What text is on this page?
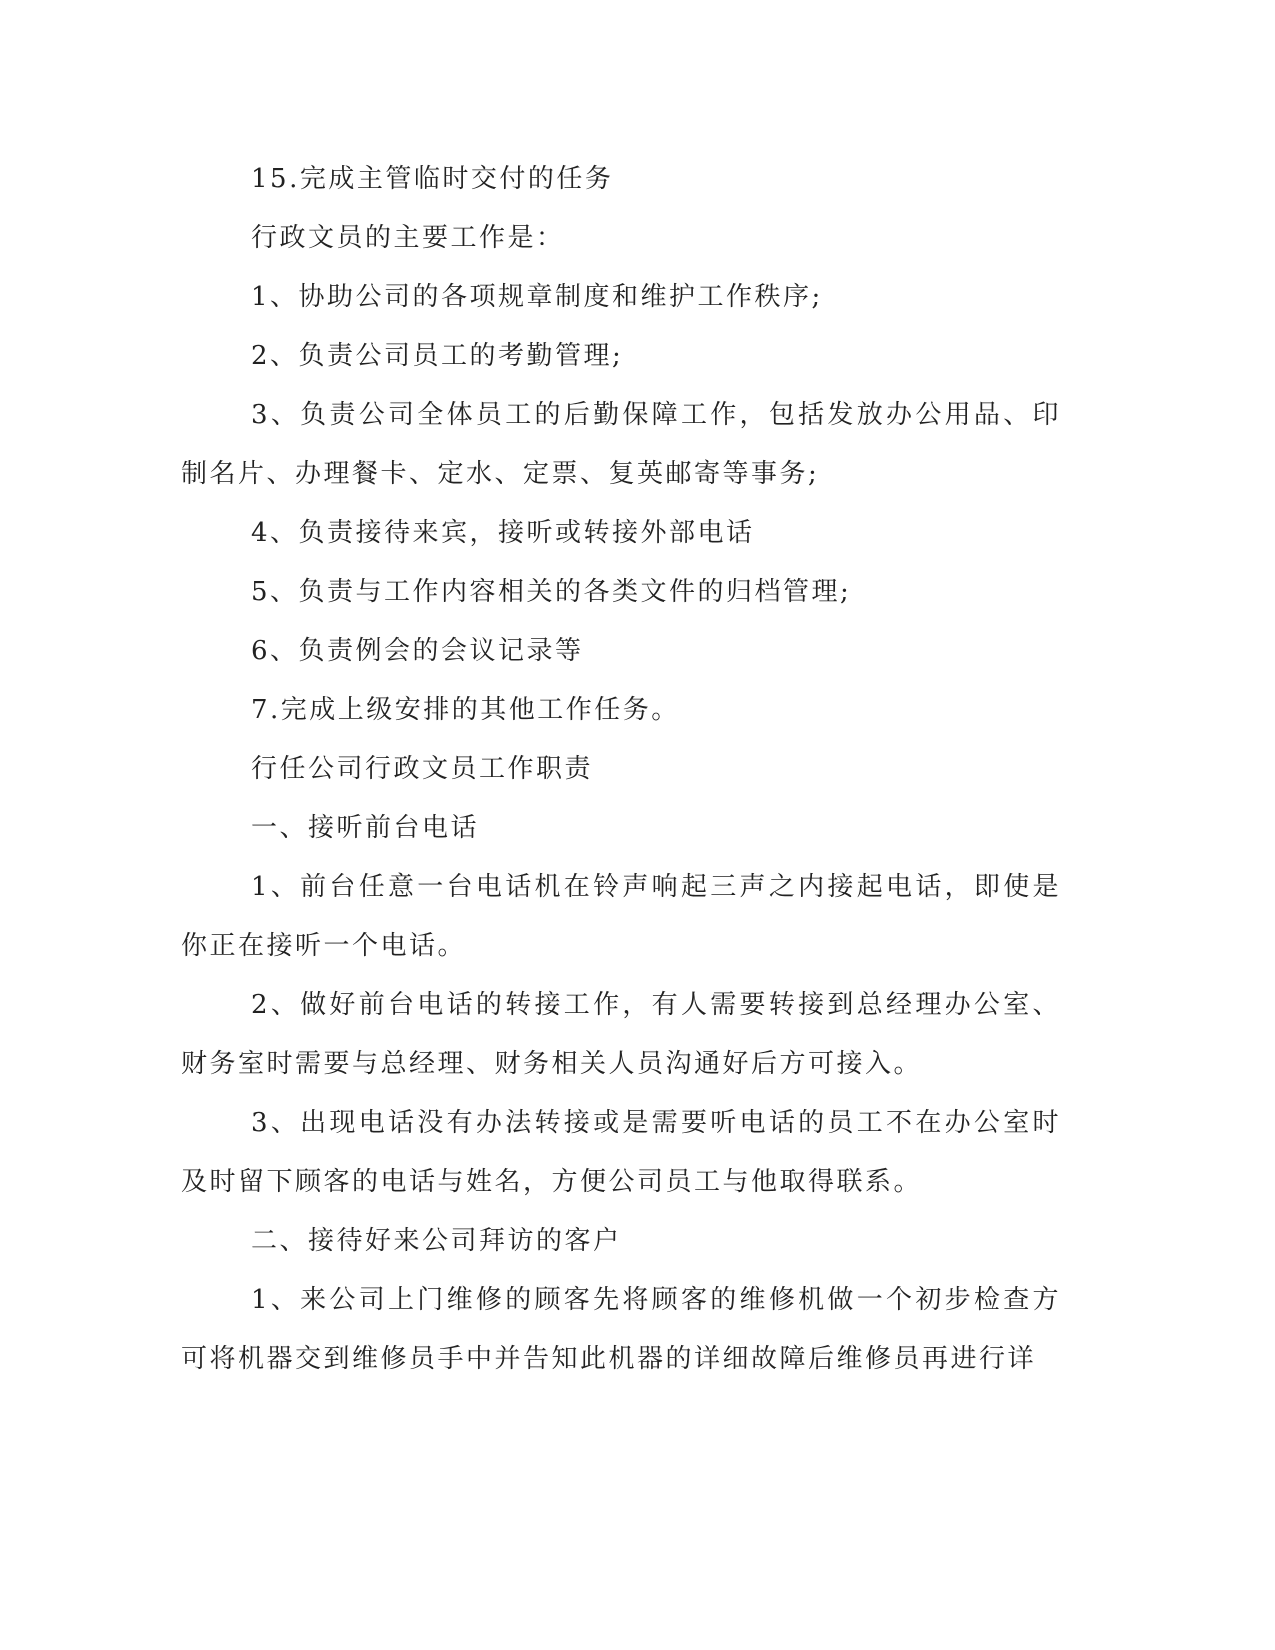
15.完成主管临时交付的任务

行政文员的主要工作是：

1、协助公司的各项规章制度和维护工作秩序;

2、负责公司员工的考勤管理;

3、负责公司全体员工的后勤保障工作，包括发放办公用品、印制名片、办理餐卡、定水、定票、复英邮寄等事务;

4、负责接待来宾，接听或转接外部电话

5、负责与工作内容相关的各类文件的归档管理;

6、负责例会的会议记录等

7.完成上级安排的其他工作任务。

行任公司行政文员工作职责

一、接听前台电话

1、前台任意一台电话机在铃声响起三声之内接起电话，即使是你正在接听一个电话。

2、做好前台电话的转接工作，有人需要转接到总经理办公室、财务室时需要与总经理、财务相关人员沟通好后方可接入。

3、出现电话没有办法转接或是需要听电话的员工不在办公室时及时留下顾客的电话与姓名，方便公司员工与他取得联系。

二、接待好来公司拜访的客户

1、来公司上门维修的顾客先将顾客的维修机做一个初步检查方可将机器交到维修员手中并告知此机器的详细故障后维修员再进行详
